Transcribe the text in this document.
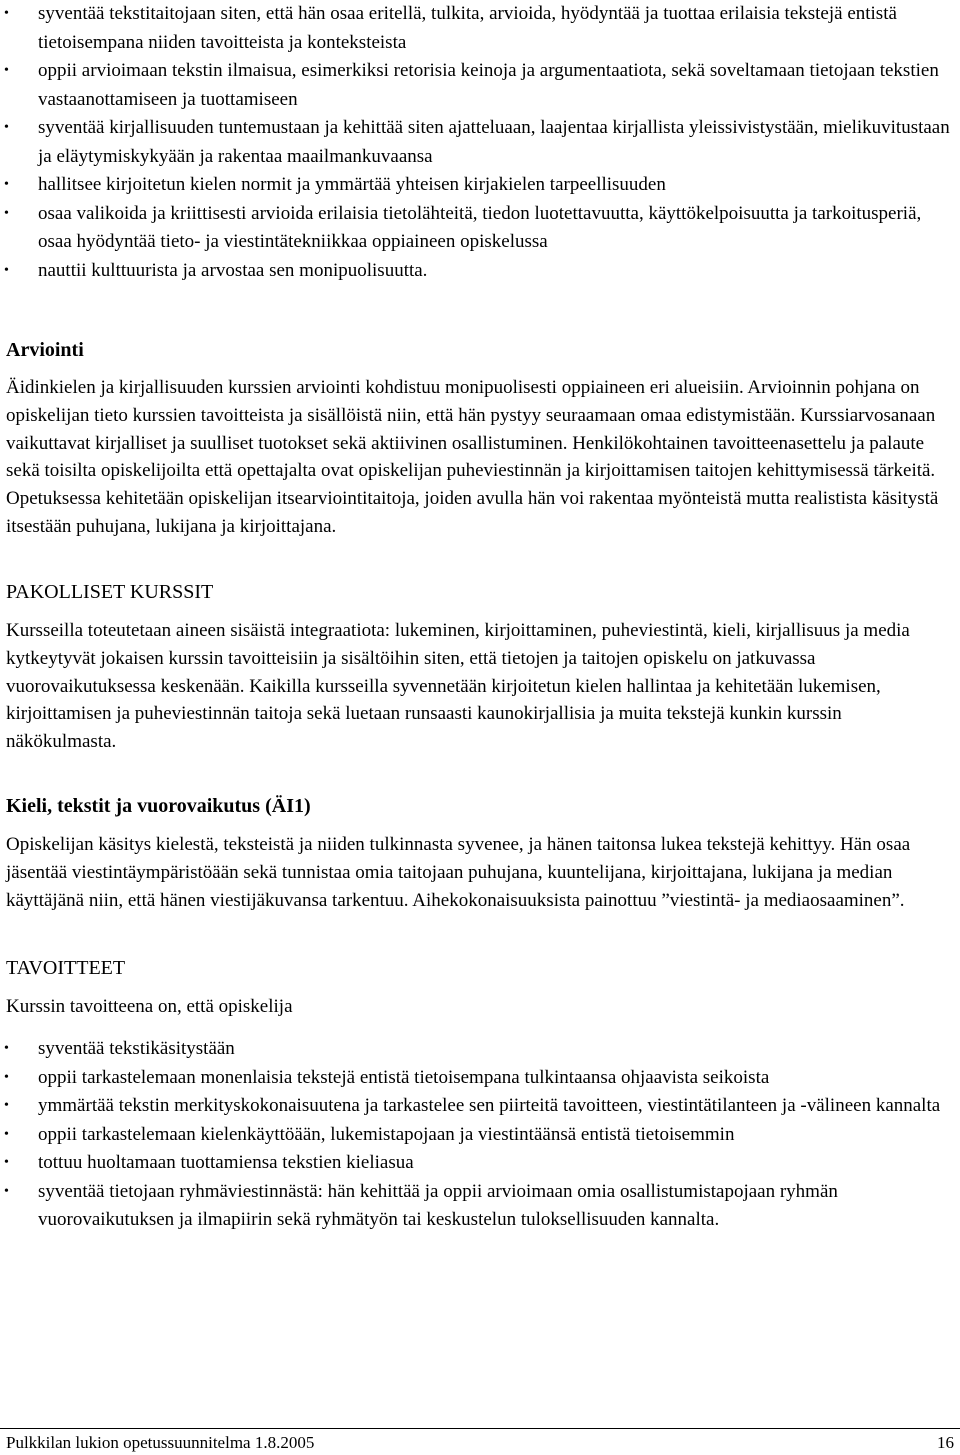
• syventää tekstitaitojaan siten, että hän osaa eritellä, tulkita, arvioida, hyödyntää ja tuottaa erilaisia tekstejä entistä tietoisempana niiden tavoitteista ja konteksteista
• oppii arvioimaan tekstin ilmaisua, esimerkiksi retorisia keinoja ja argumentaatiota, sekä soveltamaan tietojaan tekstien vastaanottamiseen ja tuottamiseen
• syventää kirjallisuuden tuntemustaan ja kehittää siten ajatteluaan, laajentaa kirjallista yleissivistystään, mielikuvitustaan ja eläytymiskykyään ja rakentaa maailmankuvaansa
• hallitsee kirjoitetun kielen normit ja ymmärtää yhteisen kirjakielen tarpeellisuuden
• osaa valikoida ja kriittisesti arvioida erilaisia tietolähteitä, tiedon luotettavuutta, käyttökelpoisuutta ja tarkoitusperiä, osaa hyödyntää tieto- ja viestintätekniikkaa oppiaineen opiskelussa
• nauttii kulttuurista ja arvostaa sen monipuolisuutta.
Arviointi
Äidinkielen ja kirjallisuuden kurssien arviointi kohdistuu monipuolisesti oppiaineen eri alueisiin. Arvioinnin pohjana on opiskelijan tieto kurssien tavoitteista ja sisällöistä niin, että hän pystyy seuraamaan omaa edistymistään. Kurssiarvosanaan vaikuttavat kirjalliset ja suulliset tuotokset sekä aktiivinen osallistuminen. Henkilökohtainen tavoitteenasettelu ja palaute sekä toisilta opiskelijoilta että opettajalta ovat opiskelijan puheviestinnän ja kirjoittamisen taitojen kehittymisessä tärkeitä. Opetuksessa kehitetään opiskelijan itsearviointitaitoja, joiden avulla hän voi rakentaa myönteistä mutta realistista käsitystä itsestään puhujana, lukijana ja kirjoittajana.
PAKOLLISET KURSSIT
Kursseilla toteutetaan aineen sisäistä integraatiota: lukeminen, kirjoittaminen, puheviestintä, kieli, kirjallisuus ja media kytkeytyvät jokaisen kurssin tavoitteisiin ja sisältöihin siten, että tietojen ja taitojen opiskelu on jatkuvassa vuorovaikutuksessa keskenään. Kaikilla kursseilla syvennetään kirjoitetun kielen hallintaa ja kehitetään lukemisen, kirjoittamisen ja puheviestinnän taitoja sekä luetaan runsaasti kaunokirjallisia ja muita tekstejä kunkin kurssin näkökulmasta.
Kieli, tekstit ja vuorovaikutus (ÄI1)
Opiskelijan käsitys kielestä, teksteistä ja niiden tulkinnasta syvenee, ja hänen taitonsa lukea tekstejä kehittyy. Hän osaa jäsentää viestintäympäristöään sekä tunnistaa omia taitojaan puhujana, kuuntelijana, kirjoittajana, lukijana ja median käyttäjänä niin, että hänen viestijäkuvansa tarkentuu. Aihekokonaisuuksista painottuu ”viestintä- ja mediaosaaminen”.
TAVOITTEET
Kurssin tavoitteena on, että opiskelija
• syventää tekstikäsitystään
• oppii tarkastelemaan monenlaisia tekstejä entistä tietoisempana tulkintaansa ohjaavista seikoista
• ymmärtää tekstin merkityskokonaisuutena ja tarkastelee sen piirteitä tavoitteen, viestintätilanteen ja -välineen kannalta
• oppii tarkastelemaan kielenkäyttöään, lukemistapojaan ja viestintäänsä entistä tietoisemmin
• tottuu huoltamaan tuottamiensa tekstien kieliasua
• syventää tietojaan ryhmäviestinnästä: hän kehittää ja oppii arvioimaan omia osallistumistapojaan ryhmän vuorovaikutuksen ja ilmapiirin sekä ryhmätyön tai keskustelun tuloksellisuuden kannalta.
Pulkkilan lukion opetussuunnitelma 1.8.2005	16
